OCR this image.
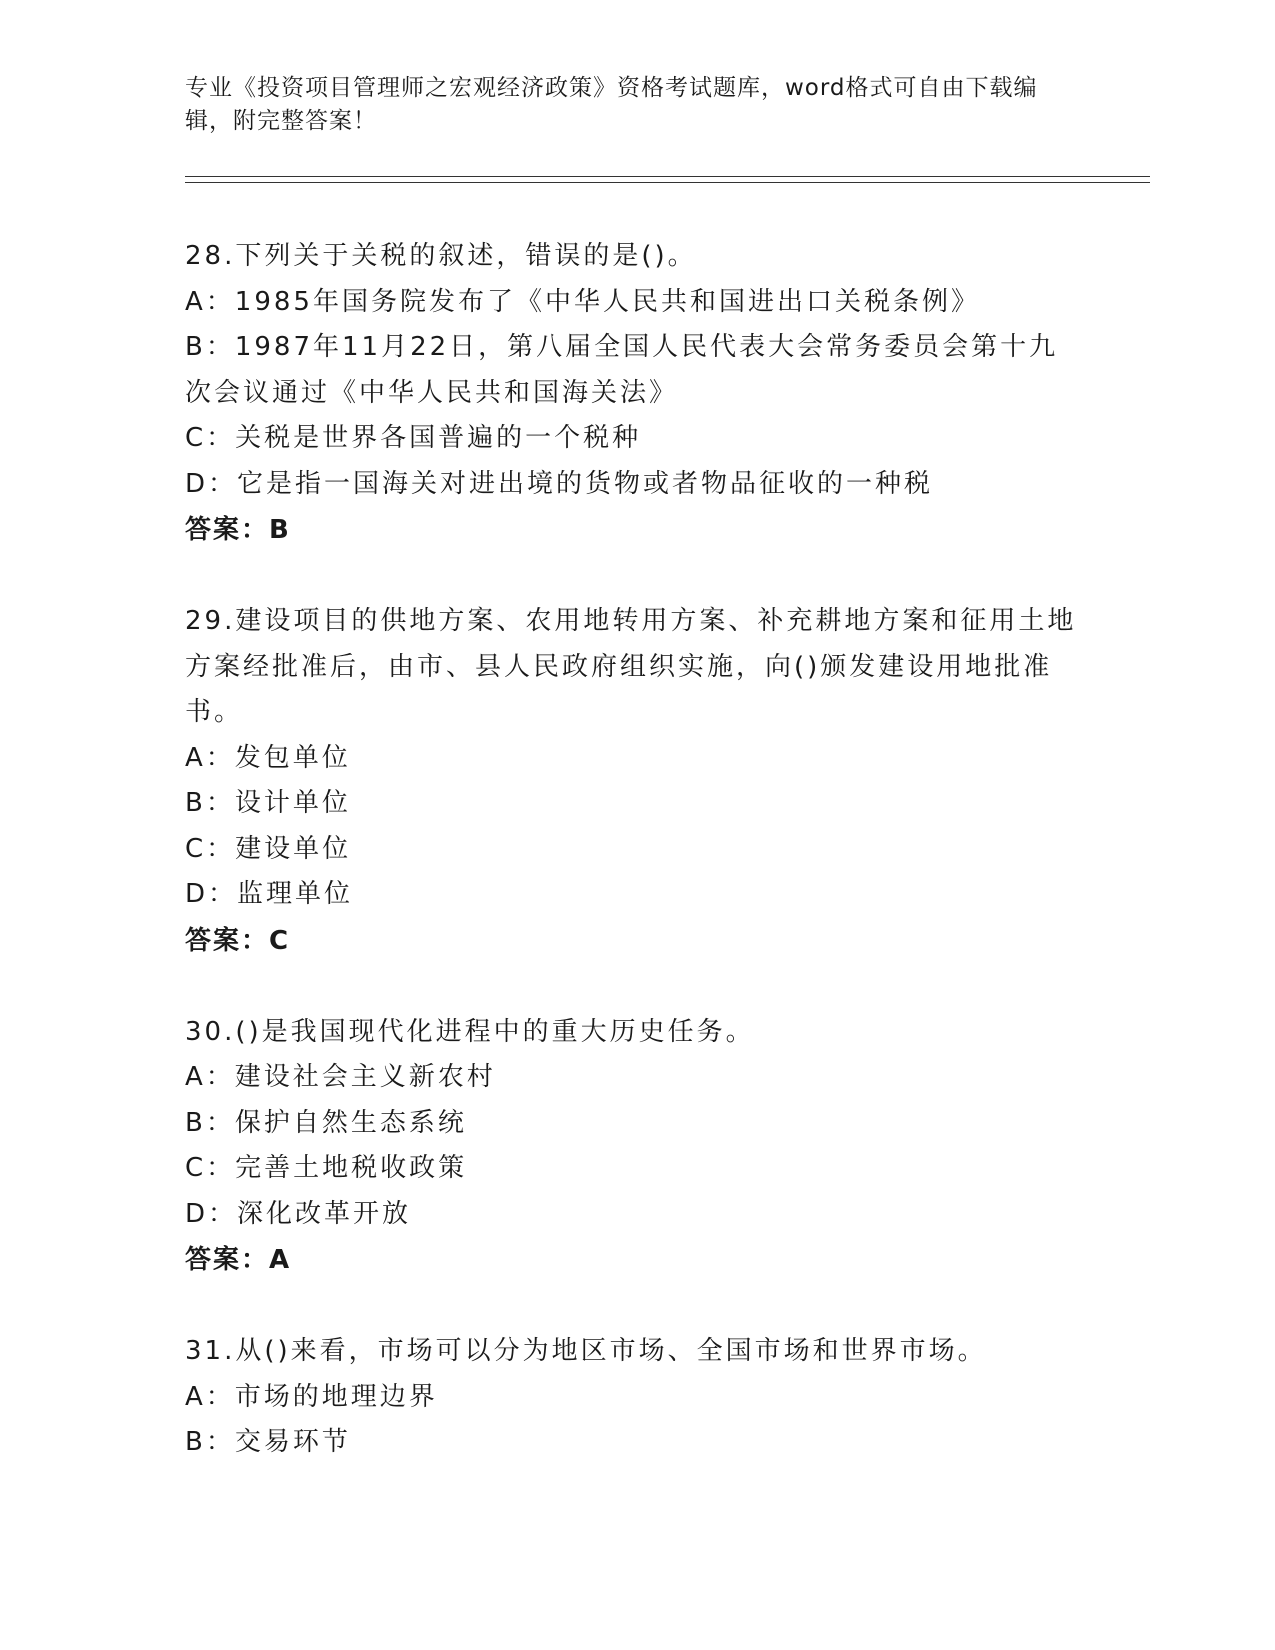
专业《投资项目管理师之宏观经济政策》资格考试题库，word格式可自由下载编辑，附完整答案！
28.下列关于关税的叙述，错误的是()。
A：1985年国务院发布了《中华人民共和国进出口关税条例》
B：1987年11月22日，第八届全国人民代表大会常务委员会第十九次会议通过《中华人民共和国海关法》
C：关税是世界各国普遍的一个税种
D：它是指一国海关对进出境的货物或者物品征收的一种税
答案：B
29.建设项目的供地方案、农用地转用方案、补充耕地方案和征用土地方案经批准后，由市、县人民政府组织实施，向()颁发建设用地批准书。
A：发包单位
B：设计单位
C：建设单位
D：监理单位
答案：C
30.()是我国现代化进程中的重大历史任务。
A：建设社会主义新农村
B：保护自然生态系统
C：完善土地税收政策
D：深化改革开放
答案：A
31.从()来看，市场可以分为地区市场、全国市场和世界市场。
A：市场的地理边界
B：交易环节
